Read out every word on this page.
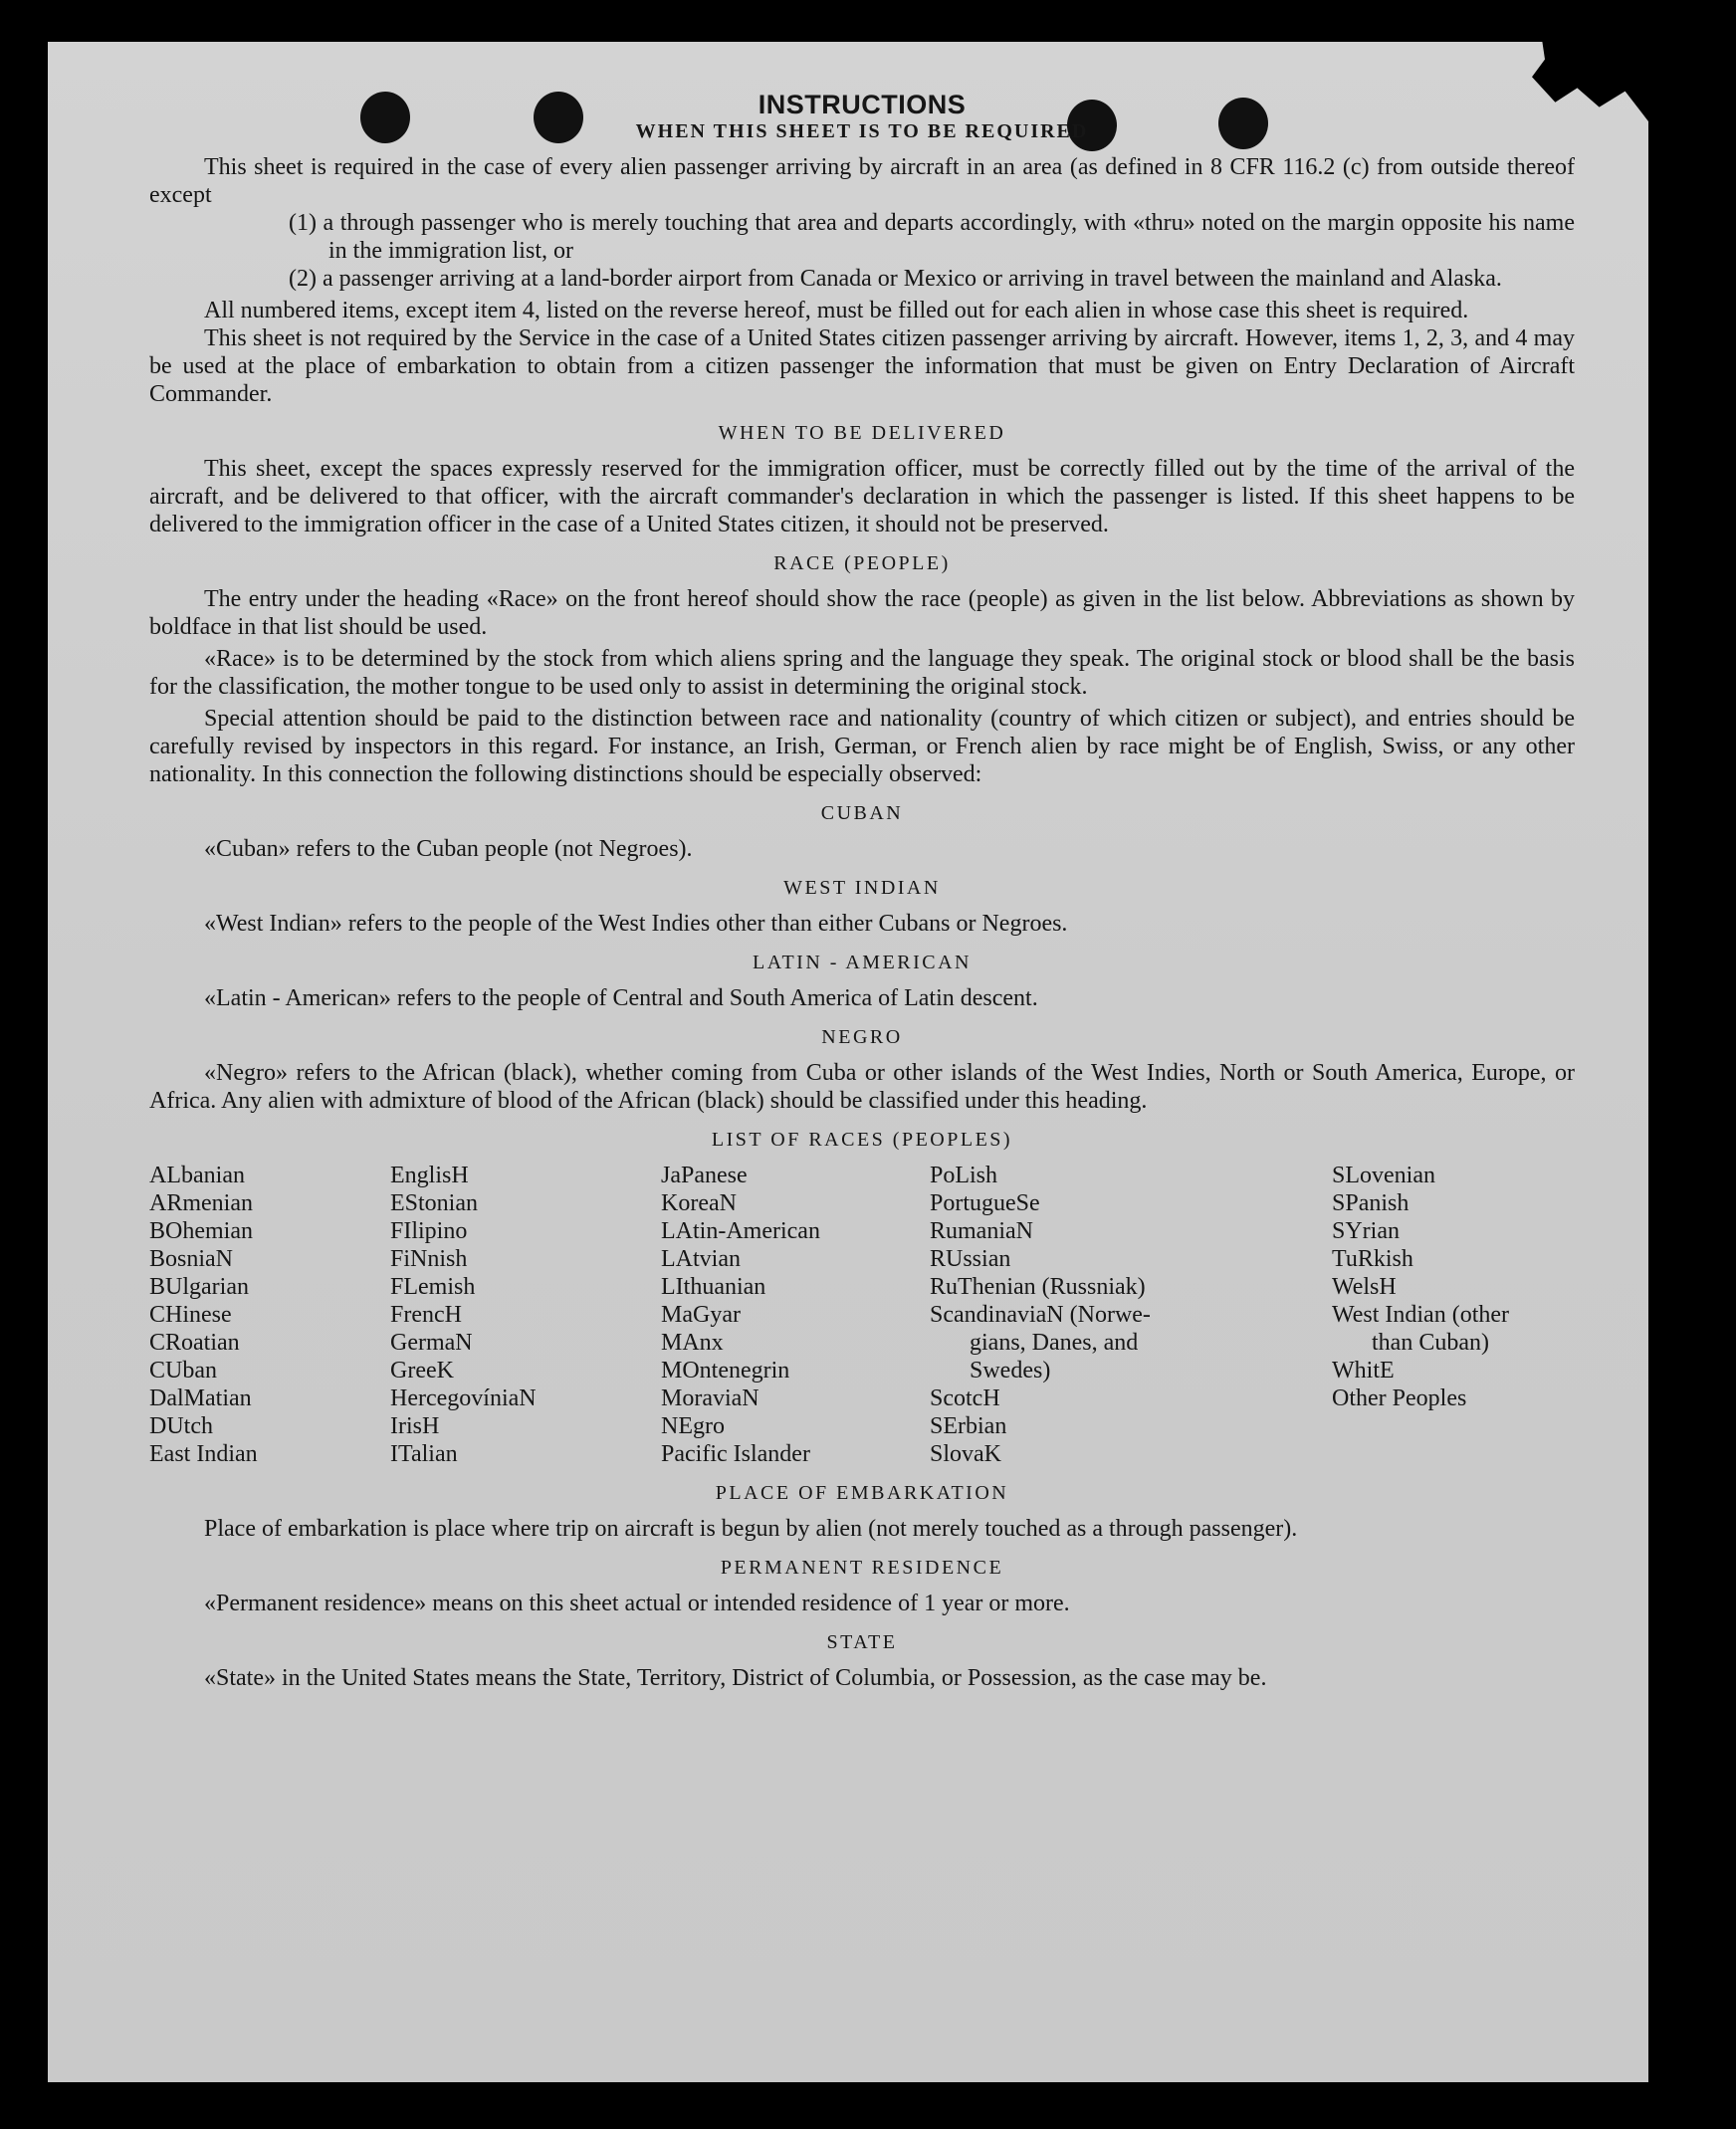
INSTRUCTIONS
WHEN THIS SHEET IS TO BE REQUIRED

This sheet is required in the case of every alien passenger arriving by aircraft in an area (as defined in 8 CFR 116.2 (c) from outside thereof except

(1) a through passenger who is merely touching that area and departs accordingly, with «thru» noted on the margin opposite his name in the immigration list, or
(2) a passenger arriving at a land-border airport from Canada or Mexico or arriving in travel between the mainland and Alaska.

All numbered items, except item 4, listed on the reverse hereof, must be filled out for each alien in whose case this sheet is required.

This sheet is not required by the Service in the case of a United States citizen passenger arriving by aircraft. However, items 1, 2, 3, and 4 may be used at the place of embarkation to obtain from a citizen passenger the information that must be given on Entry Declaration of Aircraft Commander.

WHEN TO BE DELIVERED

This sheet, except the spaces expressly reserved for the immigration officer, must be correctly filled out by the time of the arrival of the aircraft, and be delivered to that officer, with the aircraft commander's declaration in which the passenger is listed. If this sheet happens to be delivered to the immigration officer in the case of a United States citizen, it should not be preserved.

RACE (PEOPLE)

The entry under the heading «Race» on the front hereof should show the race (people) as given in the list below. Abbreviations as shown by boldface in that list should be used.

«Race» is to be determined by the stock from which aliens spring and the language they speak. The original stock or blood shall be the basis for the classification, the mother tongue to be used only to assist in determining the original stock.

Special attention should be paid to the distinction between race and nationality (country of which citizen or subject), and entries should be carefully revised by inspectors in this regard. For instance, an Irish, German, or French alien by race might be of English, Swiss, or any other nationality. In this connection the following distinctions should be especially observed:

CUBAN

«Cuban» refers to the Cuban people (not Negroes).

WEST INDIAN

«West Indian» refers to the people of the West Indies other than either Cubans or Negroes.

LATIN - AMERICAN

«Latin - American» refers to the people of Central and South America of Latin descent.

NEGRO

«Negro» refers to the African (black), whether coming from Cuba or other islands of the West Indies, North or South America, Europe, or Africa. Any alien with admixture of blood of the African (black) should be classified under this heading.

LIST OF RACES (PEOPLES)
ALbanian
ARmenian
BOhemian
BosniaN
BUlgarian
CHinese
CRoatian
CUban
DalMatian
DUtch
East Indian
EnglisH
EStonian
FIlipino
FiNnish
FLemish
FrencH
GermaN
GreeK
HercegovíniaN
IrisH
ITalian
JaPanese
KoreaN
LAtin-American
LAtvian
LIthuanian
MaGyar
MAnx
MOntenegrin
MoraviaN
NEgro
Pacific Islander
PoLish
PortugueSe
RumaniaN
RUssian
RuThenian (Russniak)
ScandinaviaN (Norwe-
gians, Danes, and
Swedes)
ScotcH
SErbian
SlovaK
SLovenian
SPanish
SYrian
TuRkish
WelsH
West Indian (other
than Cuban)
WhitE
Other Peoples
PLACE OF EMBARKATION

Place of embarkation is place where trip on aircraft is begun by alien (not merely touched as a through passenger).

PERMANENT RESIDENCE

«Permanent residence» means on this sheet actual or intended residence of 1 year or more.

STATE

«State» in the United States means the State, Territory, District of Columbia, or Possession, as the case may be.
